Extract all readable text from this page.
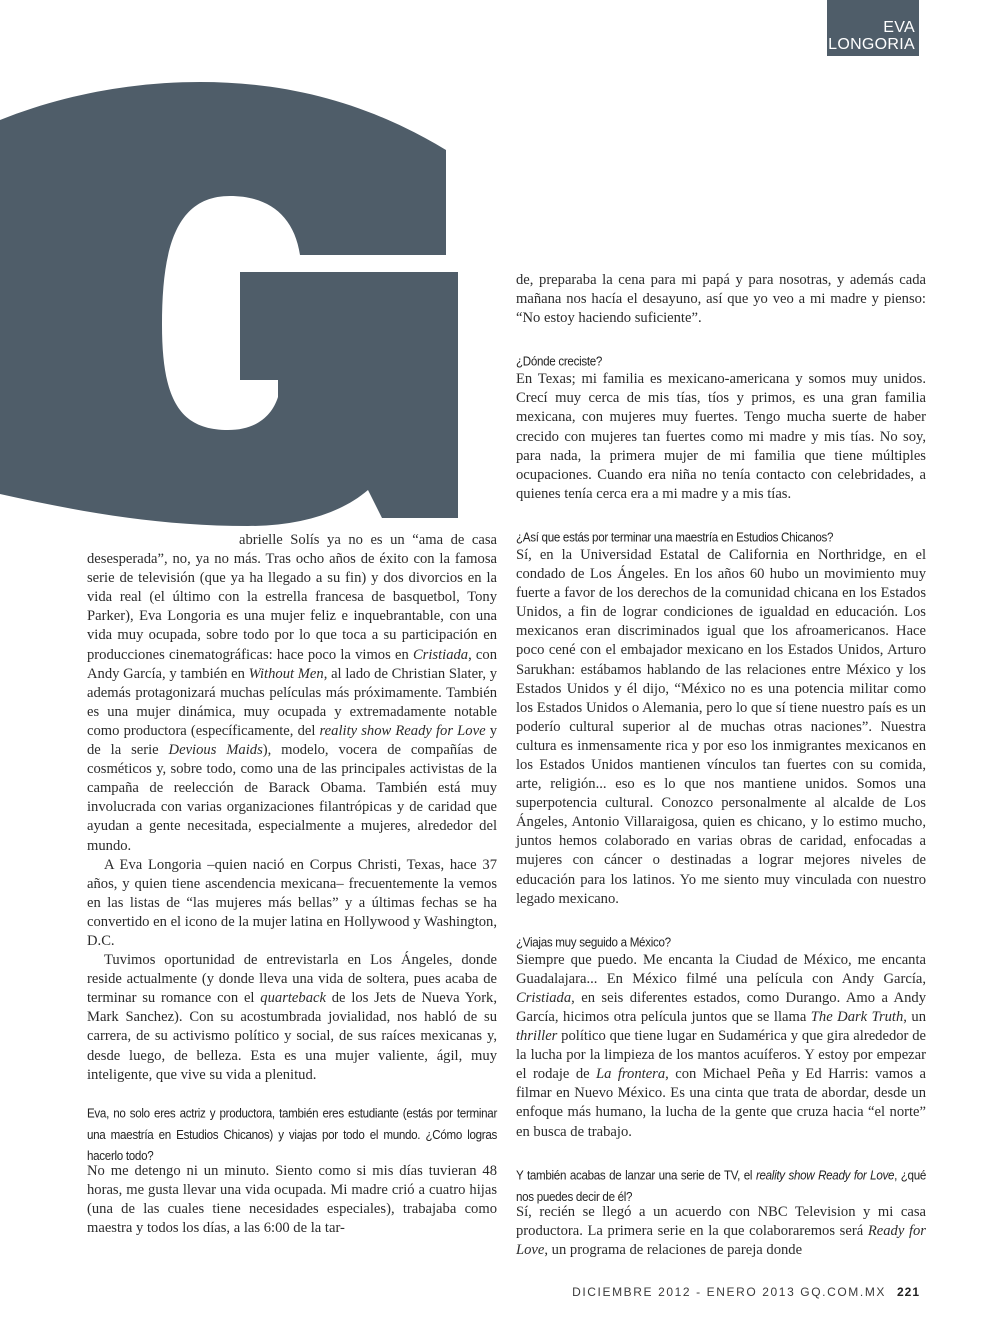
EVA
LONGORIA

abrielle Solís ya no es un “ama de casa desesperada”, no, ya no más. Tras ocho años de éxito con la famosa serie de televisión (que ya ha llegado a su fin) y dos divorcios en la vida real (el último con la estrella francesa de basquetbol, Tony Parker), Eva Longoria es una mujer feliz e inquebrantable, con una vida muy ocupada, sobre todo por lo que toca a su participación en producciones cinematográficas: hace poco la vimos en Cristiada, con Andy García, y también en Without Men, al lado de Christian Slater, y además protagonizará muchas películas más próximamente. También es una mujer dinámica, muy ocupada y extremadamente notable como productora (específicamente, del reality show Ready for Love y de la serie Devious Maids), modelo, vocera de compañías de cosméticos y, sobre todo, como una de las principales activistas de la campaña de reelección de Barack Obama. También está muy involucrada con varias organizaciones filantrópicas y de caridad que ayudan a gente necesitada, especialmente a mujeres, alrededor del mundo.

A Eva Longoria –quien nació en Corpus Christi, Texas, hace 37 años, y quien tiene ascendencia mexicana– frecuentemente la vemos en las listas de “las mujeres más bellas” y a últimas fechas se ha convertido en el icono de la mujer latina en Hollywood y Washington, D.C.

Tuvimos oportunidad de entrevistarla en Los Ángeles, donde reside actualmente (y donde lleva una vida de soltera, pues acaba de terminar su romance con el quarteback de los Jets de Nueva York, Mark Sanchez). Con su acostumbrada jovialidad, nos habló de su carrera, de su activismo político y social, de sus raíces mexicanas y, desde luego, de belleza. Esta es una mujer valiente, ágil, muy inteligente, que vive su vida a plenitud.

Eva, no solo eres actriz y productora, también eres estudiante (estás por terminar una maestría en Estudios Chicanos) y viajas por todo el mundo. ¿Cómo logras hacerlo todo?

No me detengo ni un minuto. Siento como si mis días tuvieran 48 horas, me gusta llevar una vida ocupada. Mi madre crió a cuatro hijas (una de las cuales tiene necesidades especiales), trabajaba como maestra y todos los días, a las 6:00 de la tar-

de, preparaba la cena para mi papá y para nosotras, y además cada mañana nos hacía el desayuno, así que yo veo a mi madre y pienso: “No estoy haciendo suficiente”.

¿Dónde creciste?

En Texas; mi familia es mexicano-americana y somos muy unidos. Crecí muy cerca de mis tías, tíos y primos, es una gran familia mexicana, con mujeres muy fuertes. Tengo mucha suerte de haber crecido con mujeres tan fuertes como mi madre y mis tías. No soy, para nada, la primera mujer de mi familia que tiene múltiples ocupaciones. Cuando era niña no tenía contacto con celebridades, a quienes tenía cerca era a mi madre y a mis tías.

¿Así que estás por terminar una maestría en Estudios Chicanos?

Sí, en la Universidad Estatal de California en Northridge, en el condado de Los Ángeles. En los años 60 hubo un movimiento muy fuerte a favor de los derechos de la comunidad chicana en los Estados Unidos, a fin de lograr condiciones de igualdad en educación. Los mexicanos eran discriminados igual que los afroamericanos. Hace poco cené con el embajador mexicano en los Estados Unidos, Arturo Sarukhan: estábamos hablando de las relaciones entre México y los Estados Unidos y él dijo, “México no es una potencia militar como los Estados Unidos o Alemania, pero lo que sí tiene nuestro país es un poderío cultural superior al de muchas otras naciones”. Nuestra cultura es inmensamente rica y por eso los inmigrantes mexicanos en los Estados Unidos mantienen vínculos tan fuertes con su comida, arte, religión... eso es lo que nos mantiene unidos. Somos una superpotencia cultural. Conozco personalmente al alcalde de Los Ángeles, Antonio Villaraigosa, quien es chicano, y lo estimo mucho, juntos hemos colaborado en varias obras de caridad, enfocadas a mujeres con cáncer o destinadas a lograr mejores niveles de educación para los latinos. Yo me siento muy vinculada con nuestro legado mexicano.

¿Viajas muy seguido a México?

Siempre que puedo. Me encanta la Ciudad de México, me encanta Guadalajara... En México filmé una película con Andy García, Cristiada, en seis diferentes estados, como Durango. Amo a Andy García, hicimos otra película juntos que se llama The Dark Truth, un thriller político que tiene lugar en Sudamérica y que gira alrededor de la lucha por la limpieza de los mantos acuíferos. Y estoy por empezar el rodaje de La frontera, con Michael Peña y Ed Harris: vamos a filmar en Nuevo México. Es una cinta que trata de abordar, desde un enfoque más humano, la lucha de la gente que cruza hacia “el norte” en busca de trabajo.

Y también acabas de lanzar una serie de TV, el reality show Ready for Love, ¿qué nos puedes decir de él?

Sí, recién se llegó a un acuerdo con NBC Television y mi casa productora. La primera serie en la que colaboraremos será Ready for Love, un programa de relaciones de pareja donde

DICIEMBRE 2012 - ENERO 2013 GQ.COM.MX 221
